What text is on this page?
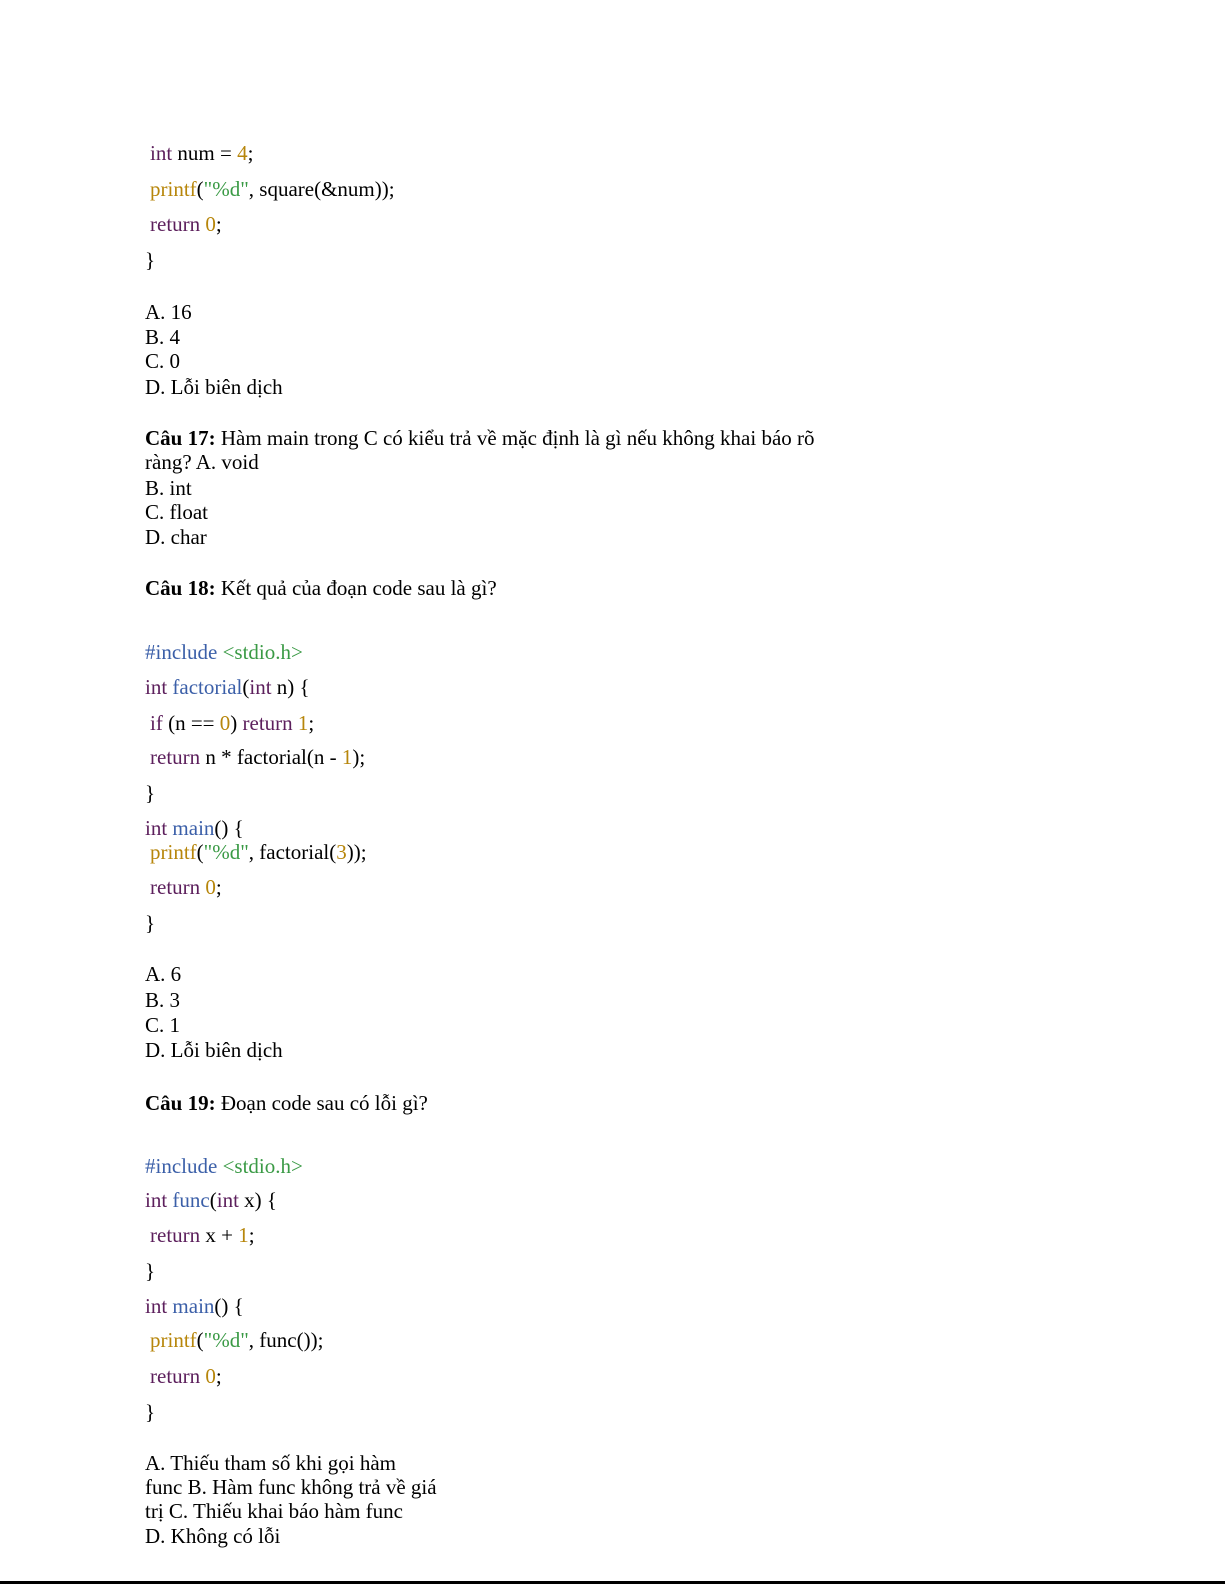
int num = 4;
printf("%d", square(&num));
return 0;
}
A. 16
B. 4
C. 0
D. Lỗi biên dịch
Câu 17: Hàm main trong C có kiểu trả về mặc định là gì nếu không khai báo rõ
ràng? A. void
B. int
C. float
D. char
Câu 18: Kết quả của đoạn code sau là gì?
#include <stdio.h>
int factorial(int n) {
if (n == 0) return 1;
return n * factorial(n - 1);
}
int main() {
printf("%d", factorial(3));
return 0;
}
A. 6
B. 3
C. 1
D. Lỗi biên dịch
Câu 19: Đoạn code sau có lỗi gì?
#include <stdio.h>
int func(int x) {
return x + 1;
}
int main() {
printf("%d", func());
return 0;
}
A. Thiếu tham số khi gọi hàm
func B. Hàm func không trả về giá
trị C. Thiếu khai báo hàm func
D. Không có lỗi
